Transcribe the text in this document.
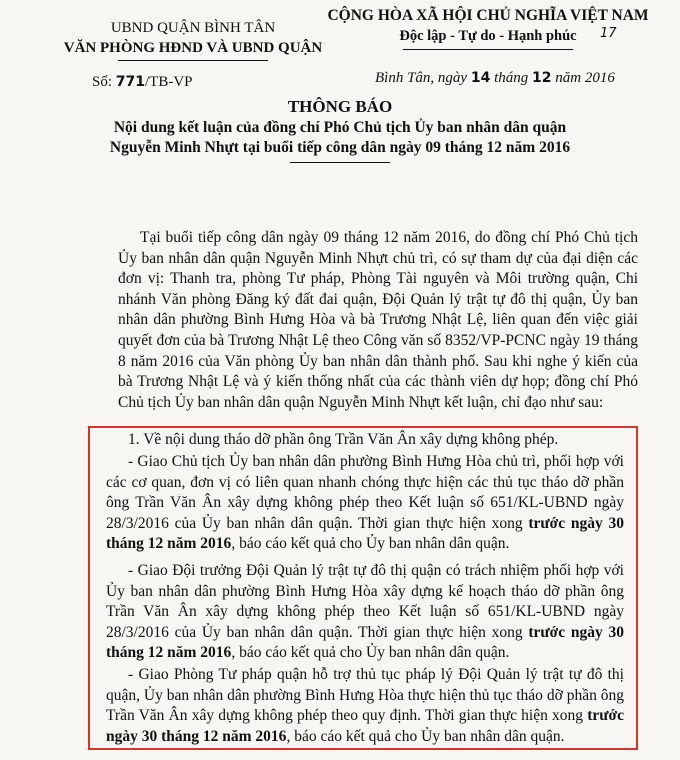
UBND QUẬN BÌNH TÂN
VĂN PHÒNG HĐND VÀ UBND QUẬN
Số: 771/TB-VP
CỘNG HÒA XÃ HỘI CHỦ NGHĨA VIỆT NAM
Độc lập - Tự do - Hạnh phúc	17
Bình Tân, ngày 14 tháng 12 năm 2016
THÔNG BÁO
Nội dung kết luận của đồng chí Phó Chủ tịch Ủy ban nhân dân quận
Nguyễn Minh Nhựt tại buổi tiếp công dân ngày 09 tháng 12 năm 2016
Tại buổi tiếp công dân ngày 09 tháng 12 năm 2016, do đồng chí Phó Chủ tịch Ủy ban nhân dân quận Nguyễn Minh Nhựt chủ trì, có sự tham dự của đại diện các đơn vị: Thanh tra, phòng Tư pháp, Phòng Tài nguyên và Môi trường quận, Chi nhánh Văn phòng Đăng ký đất đai quận, Đội Quản lý trật tự đô thị quận, Ủy ban nhân dân phường Bình Hưng Hòa và bà Trương Nhật Lệ, liên quan đến việc giải quyết đơn của bà Trương Nhật Lệ theo Công văn số 8352/VP-PCNC ngày 19 tháng 8 năm 2016 của Văn phòng Ủy ban nhân dân thành phố. Sau khi nghe ý kiến của bà Trương Nhật Lệ và ý kiến thống nhất của các thành viên dự họp; đồng chí Phó Chủ tịch Ủy ban nhân dân quận Nguyễn Minh Nhựt kết luận, chỉ đạo như sau:
1. Về nội dung tháo dỡ phần ông Trần Văn Ân xây dựng không phép.
- Giao Chủ tịch Ủy ban nhân dân phường Bình Hưng Hòa chủ trì, phối hợp với các cơ quan, đơn vị có liên quan nhanh chóng thực hiện các thủ tục tháo dỡ phần ông Trần Văn Ân xây dựng không phép theo Kết luận số 651/KL-UBND ngày 28/3/2016 của Ủy ban nhân dân quận. Thời gian thực hiện xong trước ngày 30 tháng 12 năm 2016, báo cáo kết quả cho Ủy ban nhân dân quận.
- Giao Đội trưởng Đội Quản lý trật tự đô thị quận có trách nhiệm phối hợp với Ủy ban nhân dân phường Bình Hưng Hòa xây dựng kế hoạch tháo dỡ phần ông Trần Văn Ân xây dựng không phép theo Kết luận số 651/KL-UBND ngày 28/3/2016 của Ủy ban nhân dân quận. Thời gian thực hiện xong trước ngày 30 tháng 12 năm 2016, báo cáo kết quả cho Ủy ban nhân dân quận.
- Giao Phòng Tư pháp quận hỗ trợ thủ tục pháp lý Đội Quản lý trật tự đô thị quận, Ủy ban nhân dân phường Bình Hưng Hòa thực hiện thủ tục tháo dỡ phần ông Trần Văn Ân xây dựng không phép theo quy định. Thời gian thực hiện xong trước ngày 30 tháng 12 năm 2016, báo cáo kết quả cho Ủy ban nhân dân quận.
